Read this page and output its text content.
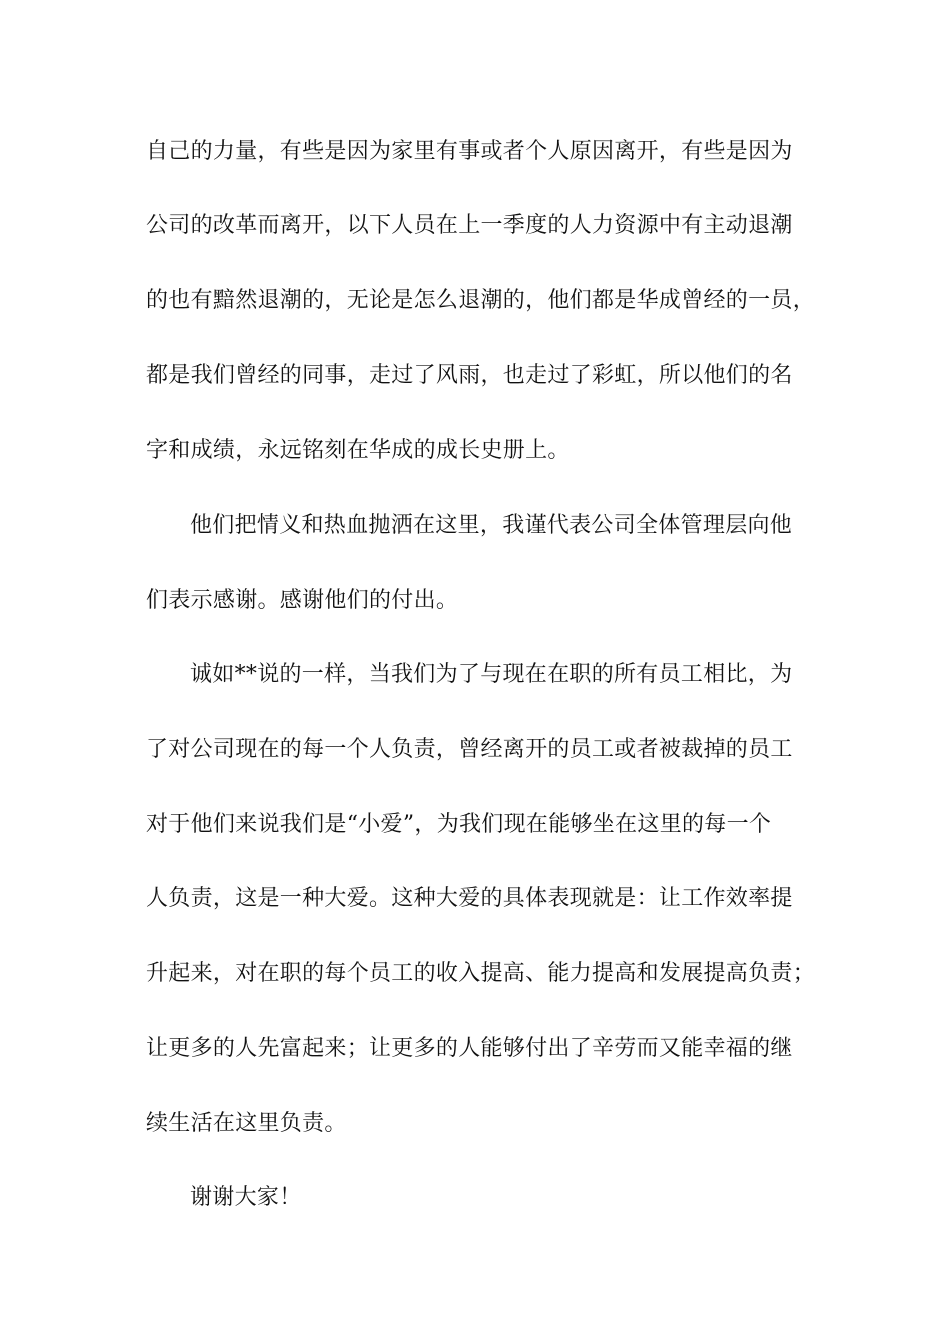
自己的力量，有些是因为家里有事或者个人原因离开，有些是因为
公司的改革而离开，以下人员在上一季度的人力资源中有主动退潮
的也有黯然退潮的，无论是怎么退潮的，他们都是华成曾经的一员，
都是我们曾经的同事，走过了风雨，也走过了彩虹，所以他们的名
字和成绩，永远铭刻在华成的成长史册上。
他们把情义和热血抛洒在这里，我谨代表公司全体管理层向他
们表示感谢。感谢他们的付出。
诚如**说的一样，当我们为了与现在在职的所有员工相比，为
了对公司现在的每一个人负责，曾经离开的员工或者被裁掉的员工
对于他们来说我们是“小爱”，为我们现在能够坐在这里的每一个
人负责，这是一种大爱。这种大爱的具体表现就是：让工作效率提
升起来，对在职的每个员工的收入提高、能力提高和发展提高负责；
让更多的人先富起来；让更多的人能够付出了辛劳而又能幸福的继
续生活在这里负责。
谢谢大家！
